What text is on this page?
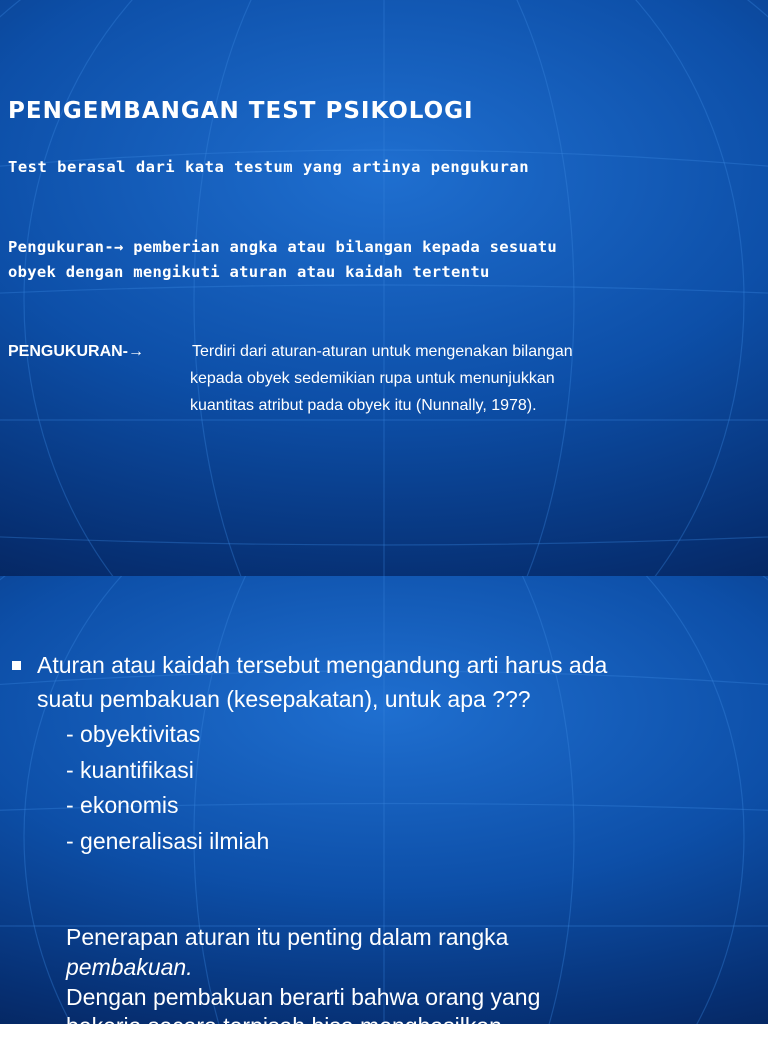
PENGEMBANGAN TEST PSIKOLOGI

Test berasal dari kata testum yang artinya pengukuran

Pengukuran-→ pemberian angka atau bilangan kepada sesuatu

obyek dengan mengikuti aturan atau kaidah tertentu

PENGUKURAN-→	Terdiri dari aturan-aturan untuk mengenakan bilangan

kepada obyek sedemikian rupa untuk menunjukkan

kuantitas atribut pada obyek itu (Nunnally, 1978).

Aturan atau kaidah tersebut mengandung arti harus ada

suatu pembakuan (kesepakatan), untuk apa ???

- obyektivitas

- kuantifikasi

- ekonomis

- generalisasi ilmiah

Penerapan aturan itu penting dalam rangka

pembakuan.

Dengan pembakuan berarti bahwa orang yang

bekerja secara terpisah bisa menghasilkan
